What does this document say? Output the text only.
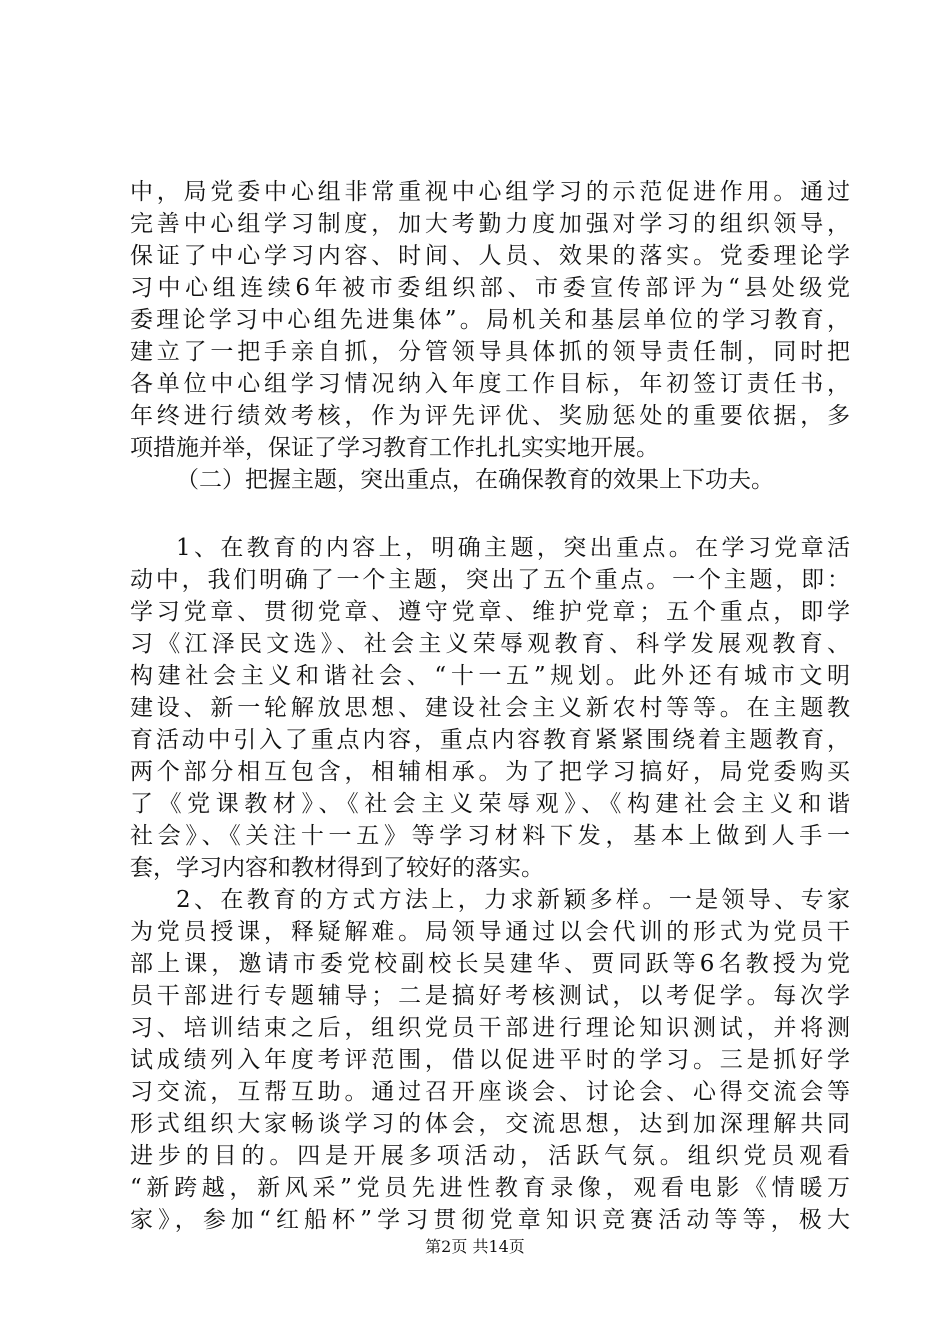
中，局党委中心组非常重视中心组学习的示范促进作用。通过
完善中心组学习制度，加大考勤力度加强对学习的组织领导，
保证了中心学习内容、时间、人员、效果的落实。党委理论学
习中心组连续6年被市委组织部、市委宣传部评为“县处级党
委理论学习中心组先进集体”。局机关和基层单位的学习教育，
建立了一把手亲自抓，分管领导具体抓的领导责任制，同时把
各单位中心组学习情况纳入年度工作目标，年初签订责任书，
年终进行绩效考核，作为评先评优、奖励惩处的重要依据，多
项措施并举，保证了学习教育工作扎扎实实地开展。
（二）把握主题，突出重点，在确保教育的效果上下功夫。
1、在教育的内容上，明确主题，突出重点。在学习党章活
动中，我们明确了一个主题，突出了五个重点。一个主题，即：
学习党章、贯彻党章、遵守党章、维护党章；五个重点，即学
习《江泽民文选》、社会主义荣辱观教育、科学发展观教育、
构建社会主义和谐社会、“十一五”规划。此外还有城市文明
建设、新一轮解放思想、建设社会主义新农村等等。在主题教
育活动中引入了重点内容，重点内容教育紧紧围绕着主题教育，
两个部分相互包含，相辅相承。为了把学习搞好，局党委购买
了《党课教材》、《社会主义荣辱观》、《构建社会主义和谐
社会》、《关注十一五》等学习材料下发，基本上做到人手一
套，学习内容和教材得到了较好的落实。
2、在教育的方式方法上，力求新颖多样。一是领导、专家
为党员授课，释疑解难。局领导通过以会代训的形式为党员干
部上课，邀请市委党校副校长吴建华、贾同跃等6名教授为党
员干部进行专题辅导；二是搞好考核测试，以考促学。每次学
习、培训结束之后，组织党员干部进行理论知识测试，并将测
试成绩列入年度考评范围，借以促进平时的学习。三是抓好学
习交流，互帮互助。通过召开座谈会、讨论会、心得交流会等
形式组织大家畅谈学习的体会，交流思想，达到加深理解共同
进步的目的。四是开展多项活动，活跃气氛。组织党员观看
“新跨越，新风采”党员先进性教育录像，观看电影《情暖万
家》，参加“红船杯”学习贯彻党章知识竞赛活动等等，极大
第2页 共14页
